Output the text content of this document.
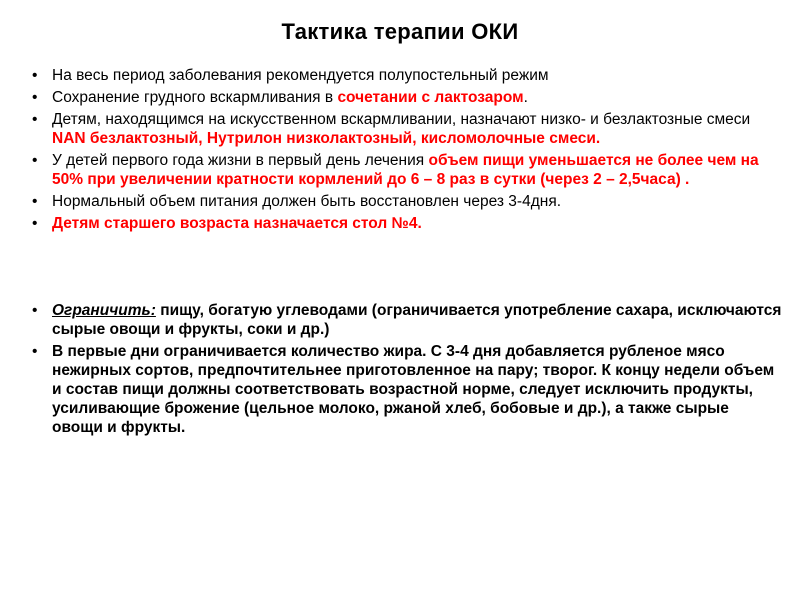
Тактика терапии ОКИ
• На весь период заболевания рекомендуется полупостельный режим
• Сохранение грудного вскармливания в сочетании с лактозаром.
• Детям, находящимся на искусственном вскармливании, назначают низко- и безлактозные смеси NAN безлактозный, Нутрилон низколактозный, кисломолочные смеси.
• У детей первого года жизни в первый день лечения объем пищи уменьшается не более чем на 50% при увеличении кратности кормлений до 6 – 8 раз в сутки (через 2 – 2,5часа) .
• Нормальный объем питания должен быть восстановлен через 3-4дня.
• Детям старшего возраста назначается стол №4.
• Ограничить: пищу, богатую углеводами (ограничивается употребление сахара, исключаются сырые овощи и фрукты, соки и др.)
• В первые дни ограничивается количество жира. С 3-4 дня добавляется рубленое мясо нежирных сортов, предпочтительнее приготовленное на пару; творог. К концу недели объем и состав пищи должны соответствовать возрастной норме, следует исключить продукты, усиливающие брожение (цельное молоко, ржаной хлеб, бобовые и др.), а также сырые овощи и фрукты.
